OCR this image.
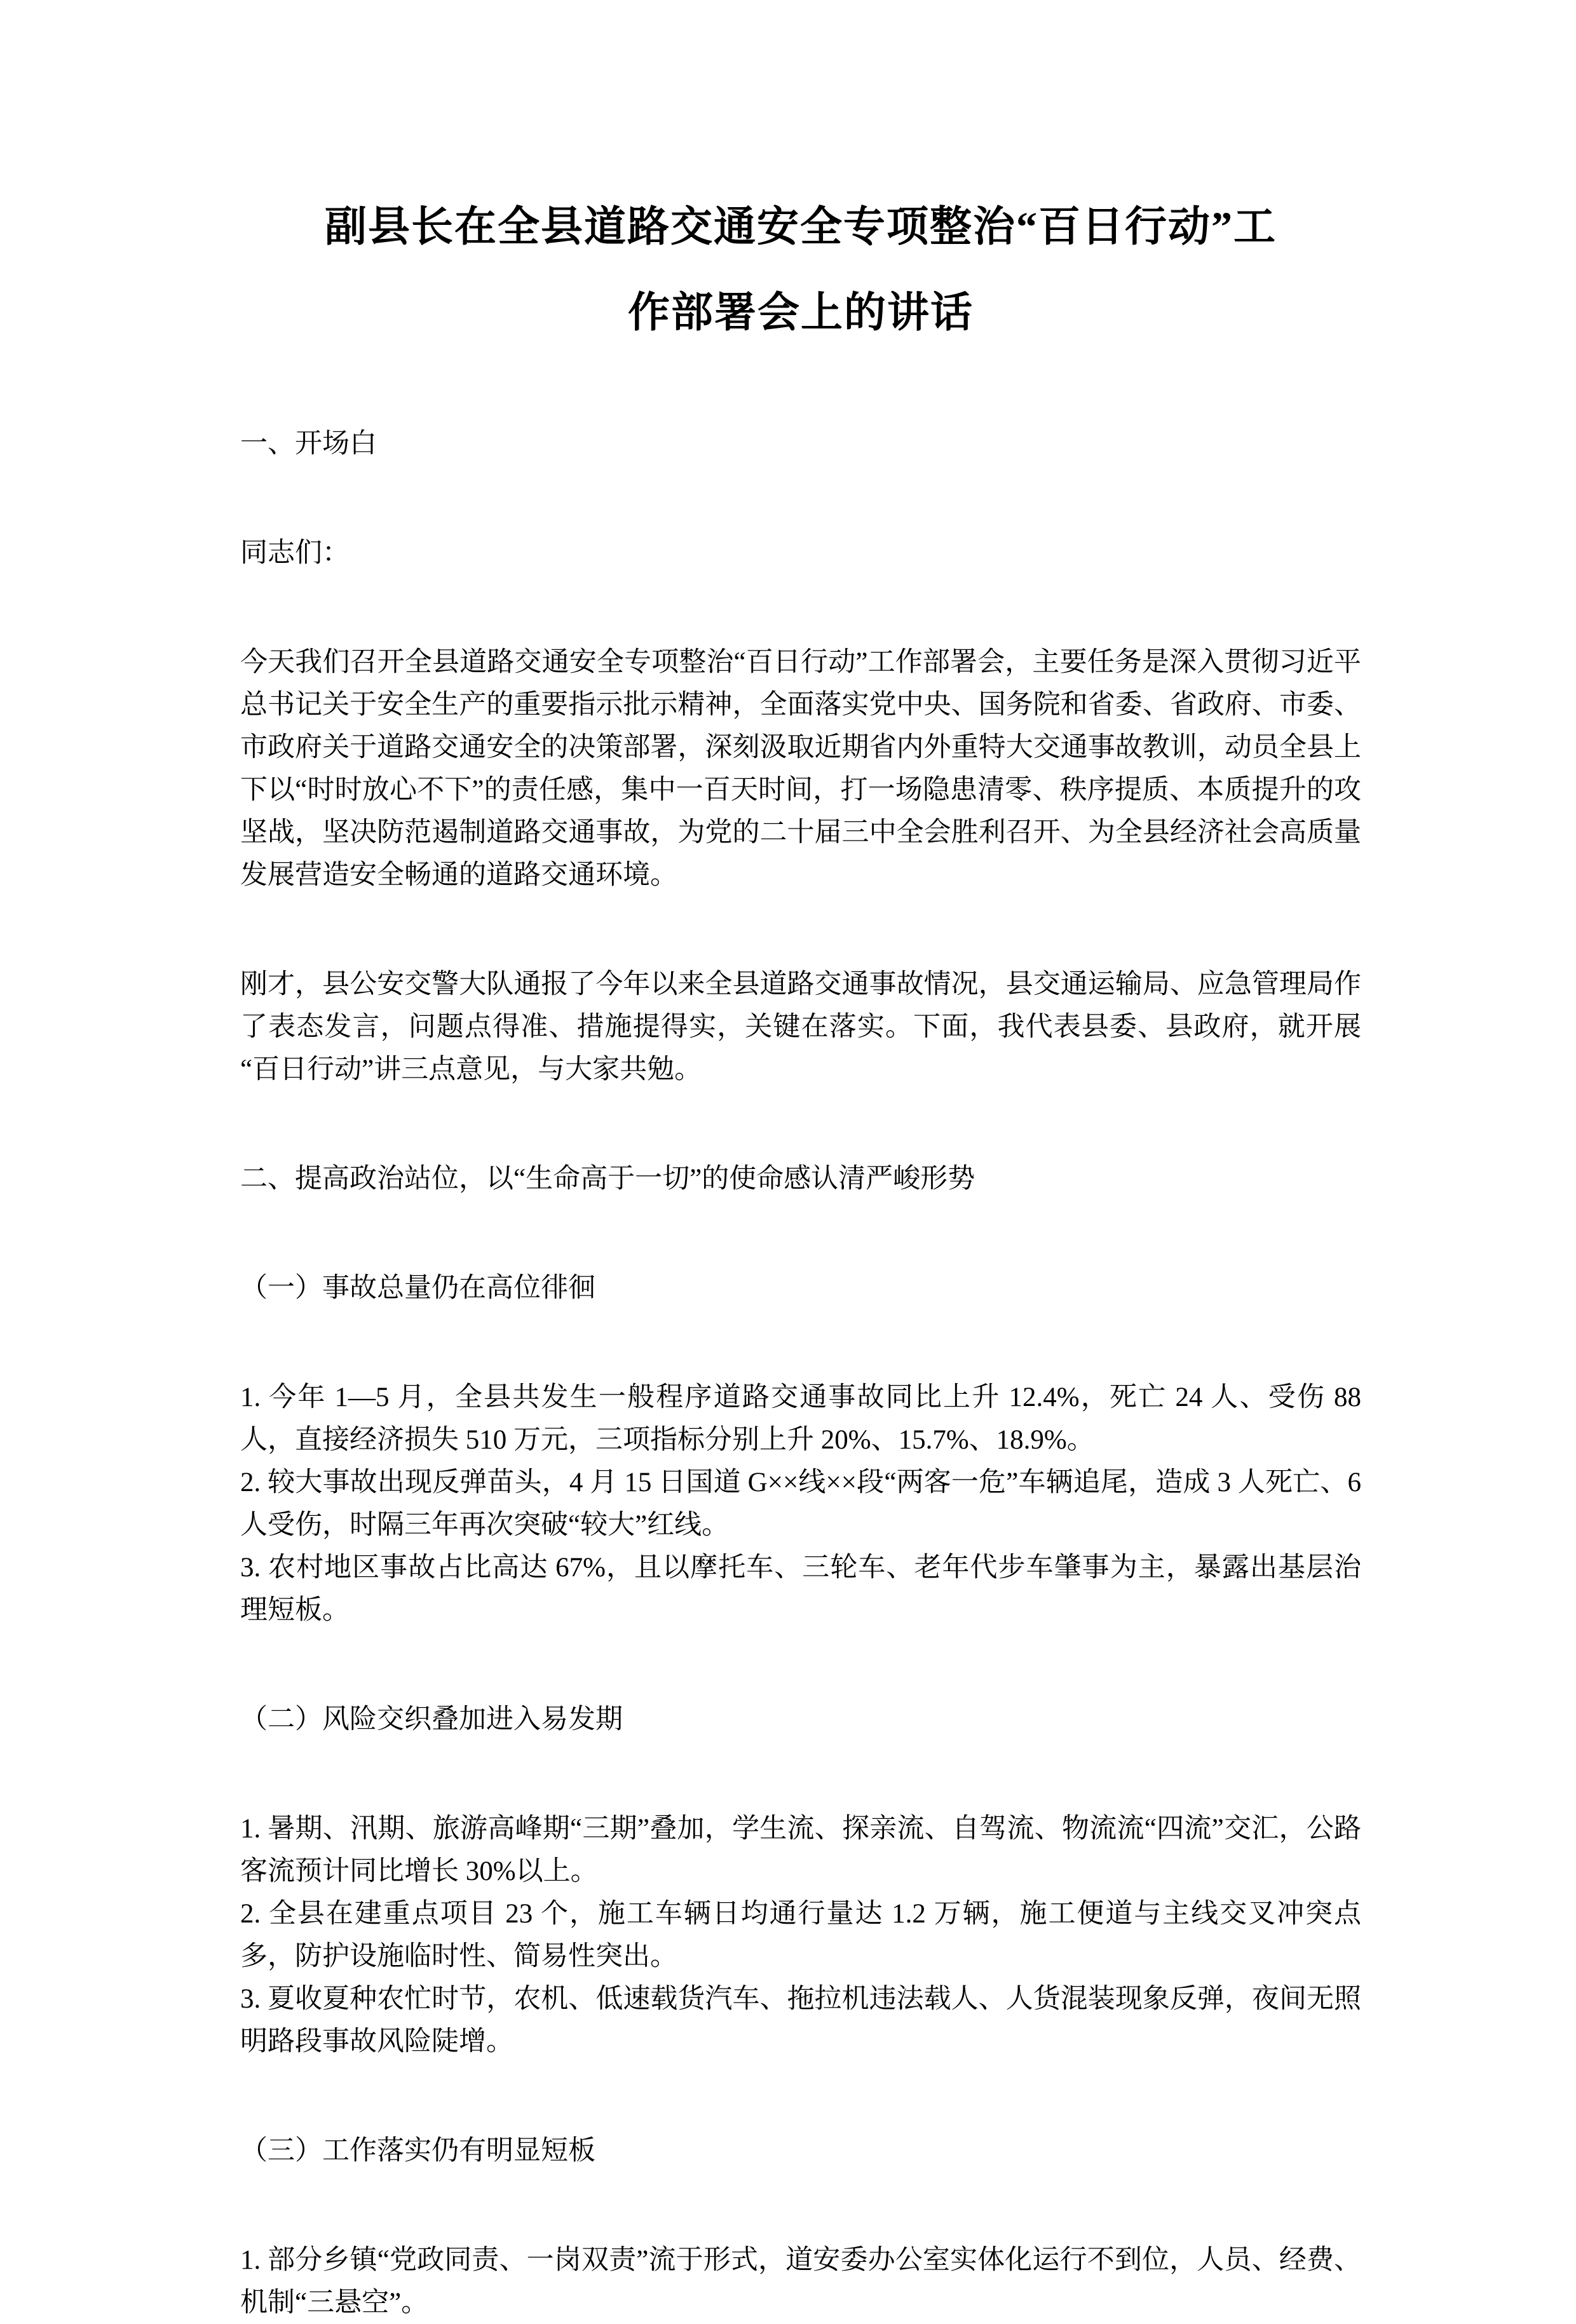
副县长在全县道路交通安全专项整治“百日行动”工
作部署会上的讲话

一、开场白

同志们：

今天我们召开全县道路交通安全专项整治“百日行动”工作部署会，主要任务是深入贯彻习近平总书记关于安全生产的重要指示批示精神，全面落实党中央、国务院和省委、省政府、市委、市政府关于道路交通安全的决策部署，深刻汲取近期省内外重特大交通事故教训，动员全县上下以“时时放心不下”的责任感，集中一百天时间，打一场隐患清零、秩序提质、本质提升的攻坚战，坚决防范遏制道路交通事故，为党的二十届三中全会胜利召开、为全县经济社会高质量发展营造安全畅通的道路交通环境。

刚才，县公安交警大队通报了今年以来全县道路交通事故情况，县交通运输局、应急管理局作了表态发言，问题点得准、措施提得实，关键在落实。下面，我代表县委、县政府，就开展“百日行动”讲三点意见，与大家共勉。

二、提高政治站位，以“生命高于一切”的使命感认清严峻形势

（一）事故总量仍在高位徘徊

1. 今年 1—5 月，全县共发生一般程序道路交通事故同比上升 12.4%，死亡 24 人、受伤 88 人，直接经济损失 510 万元，三项指标分别上升 20%、15.7%、18.9%。

2. 较大事故出现反弹苗头，4 月 15 日国道 G××线××段“两客一危”车辆追尾，造成 3 人死亡、6 人受伤，时隔三年再次突破“较大”红线。

3. 农村地区事故占比高达 67%，且以摩托车、三轮车、老年代步车肇事为主，暴露出基层治理短板。

（二）风险交织叠加进入易发期

1. 暑期、汛期、旅游高峰期“三期”叠加，学生流、探亲流、自驾流、物流流“四流”交汇，公路客流预计同比增长 30%以上。

2. 全县在建重点项目 23 个，施工车辆日均通行量达 1.2 万辆，施工便道与主线交叉冲突点多，防护设施临时性、简易性突出。

3. 夏收夏种农忙时节，农机、低速载货汽车、拖拉机违法载人、人货混装现象反弹，夜间无照明路段事故风险陡增。

（三）工作落实仍有明显短板

1. 部分乡镇“党政同责、一岗双责”流于形式，道安委办公室实体化运行不到位，人员、经费、机制“三悬空”。
